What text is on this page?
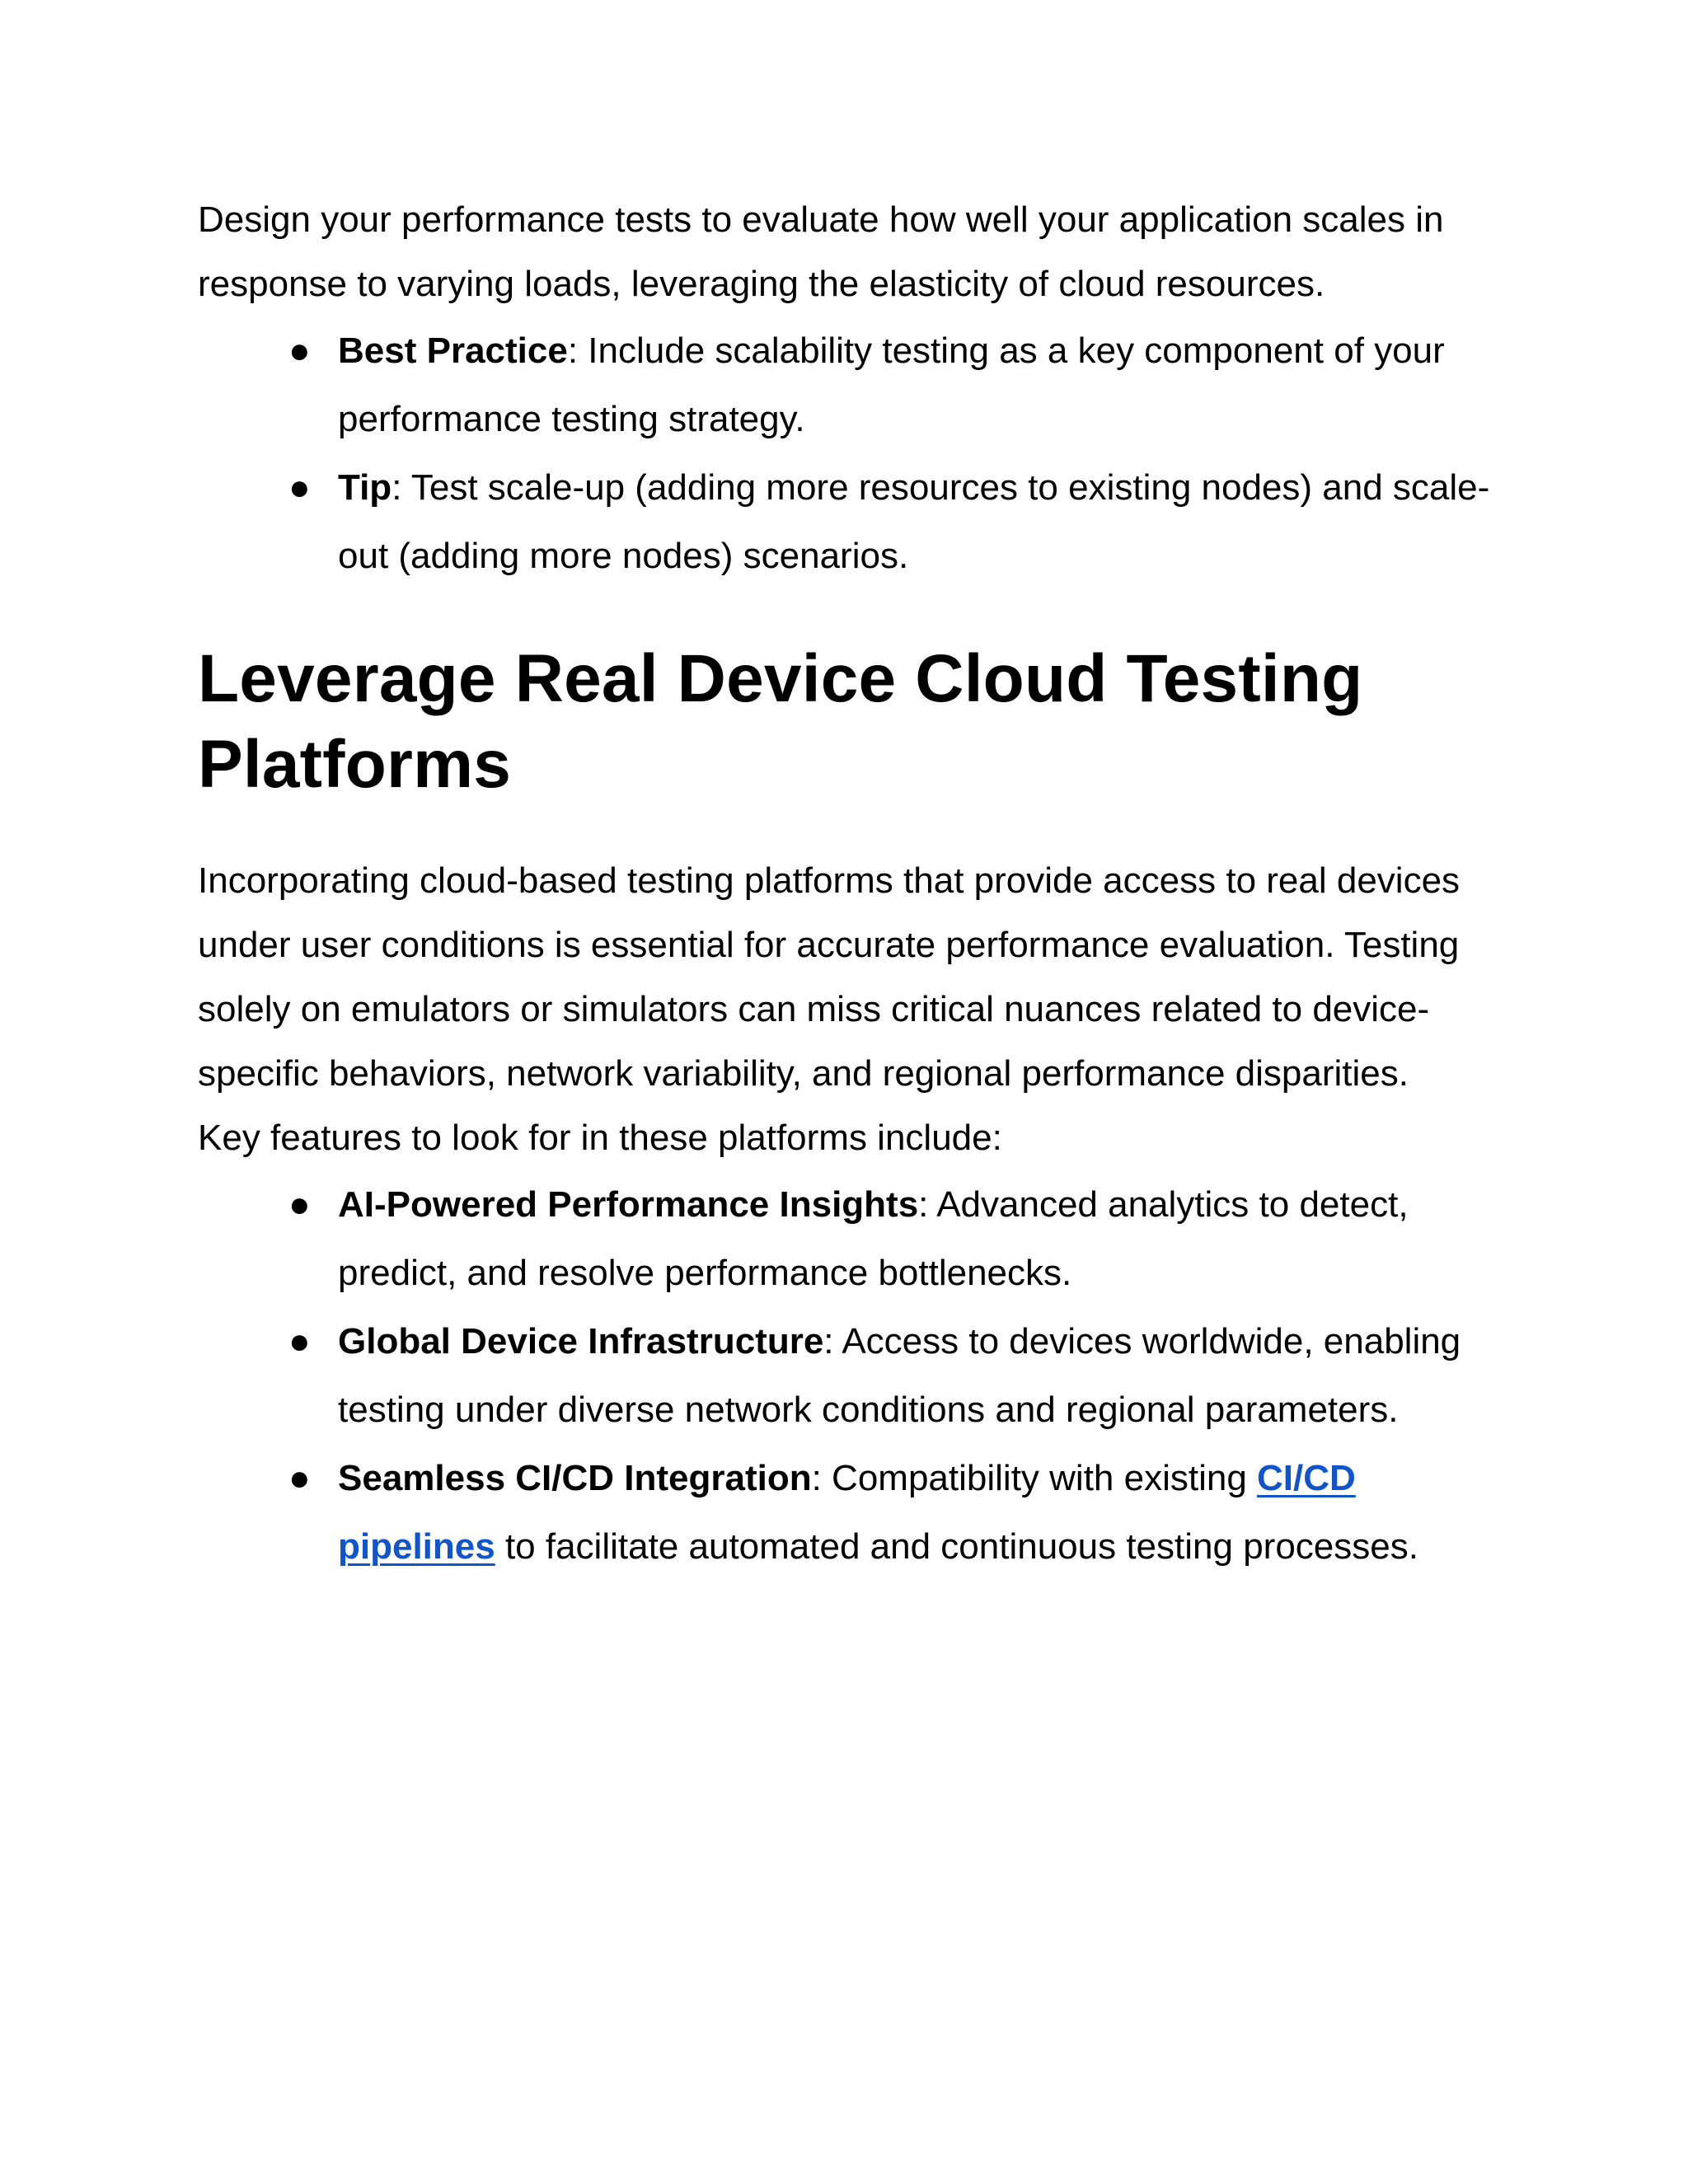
Design your performance tests to evaluate how well your application scales in response to varying loads, leveraging the elasticity of cloud resources.

● Best Practice: Include scalability testing as a key component of your performance testing strategy.
● Tip: Test scale-up (adding more resources to existing nodes) and scale-out (adding more nodes) scenarios.
Leverage Real Device Cloud Testing Platforms

Incorporating cloud-based testing platforms that provide access to real devices under user conditions is essential for accurate performance evaluation. Testing solely on emulators or simulators can miss critical nuances related to device-specific behaviors, network variability, and regional performance disparities.

Key features to look for in these platforms include:

● AI-Powered Performance Insights: Advanced analytics to detect, predict, and resolve performance bottlenecks.
● Global Device Infrastructure: Access to devices worldwide, enabling testing under diverse network conditions and regional parameters.
● Seamless CI/CD Integration: Compatibility with existing CI/CD pipelines to facilitate automated and continuous testing processes.
